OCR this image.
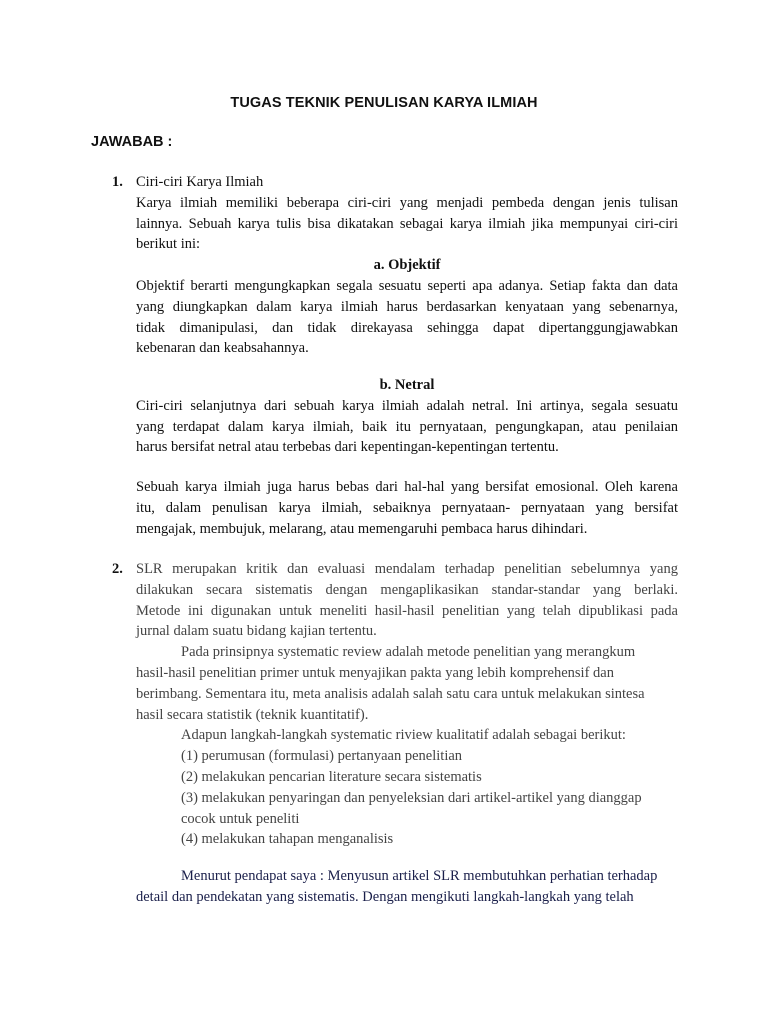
TUGAS TEKNIK PENULISAN KARYA ILMIAH
JAWABAB :
1. Ciri-ciri Karya Ilmiah
Karya ilmiah memiliki beberapa ciri-ciri yang menjadi pembeda dengan jenis tulisan
lainnya. Sebuah karya tulis bisa dikatakan sebagai karya ilmiah jika mempunyai ciri-ciri
berikut ini:
a. Objektif
Objektif berarti mengungkapkan segala sesuatu seperti apa adanya. Setiap fakta dan data
yang diungkapkan dalam karya ilmiah harus berdasarkan kenyataan yang sebenarnya,
tidak dimanipulasi, dan tidak direkayasa sehingga dapat dipertanggungjawabkan
kebenaran dan keabsahannya.
b. Netral
Ciri-ciri selanjutnya dari sebuah karya ilmiah adalah netral. Ini artinya, segala sesuatu
yang terdapat dalam karya ilmiah, baik itu pernyataan, pengungkapan, atau penilaian
harus bersifat netral atau terbebas dari kepentingan-kepentingan tertentu.
Sebuah karya ilmiah juga harus bebas dari hal-hal yang bersifat emosional. Oleh karena
itu, dalam penulisan karya ilmiah, sebaiknya pernyataan- pernyataan yang bersifat
mengajak, membujuk, melarang, atau memengaruhi pembaca harus dihindari.
2. SLR merupakan kritik dan evaluasi mendalam terhadap penelitian sebelumnya yang
dilakukan secara sistematis dengan mengaplikasikan standar-standar yang berlaki.
Metode ini digunakan untuk meneliti hasil-hasil penelitian yang telah dipublikasi pada
jurnal dalam suatu bidang kajian tertentu.
Pada prinsipnya systematic review adalah metode penelitian yang merangkum
hasil-hasil penelitian primer untuk menyajikan pakta yang lebih komprehensif dan
berimbang. Sementara itu, meta analisis adalah salah satu cara untuk melakukan sintesa
hasil secara statistik (teknik kuantitatif).
Adapun langkah-langkah systematic riview kualitatif adalah sebagai berikut:
(1) perumusan (formulasi) pertanyaan penelitian
(2) melakukan pencarian literature secara sistematis
(3) melakukan penyaringan dan penyeleksian dari artikel-artikel yang dianggap
cocok untuk peneliti
(4) melakukan tahapan menganalisis
Menurut pendapat saya : Menyusun artikel SLR membutuhkan perhatian terhadap
detail dan pendekatan yang sistematis. Dengan mengikuti langkah-langkah yang telah
